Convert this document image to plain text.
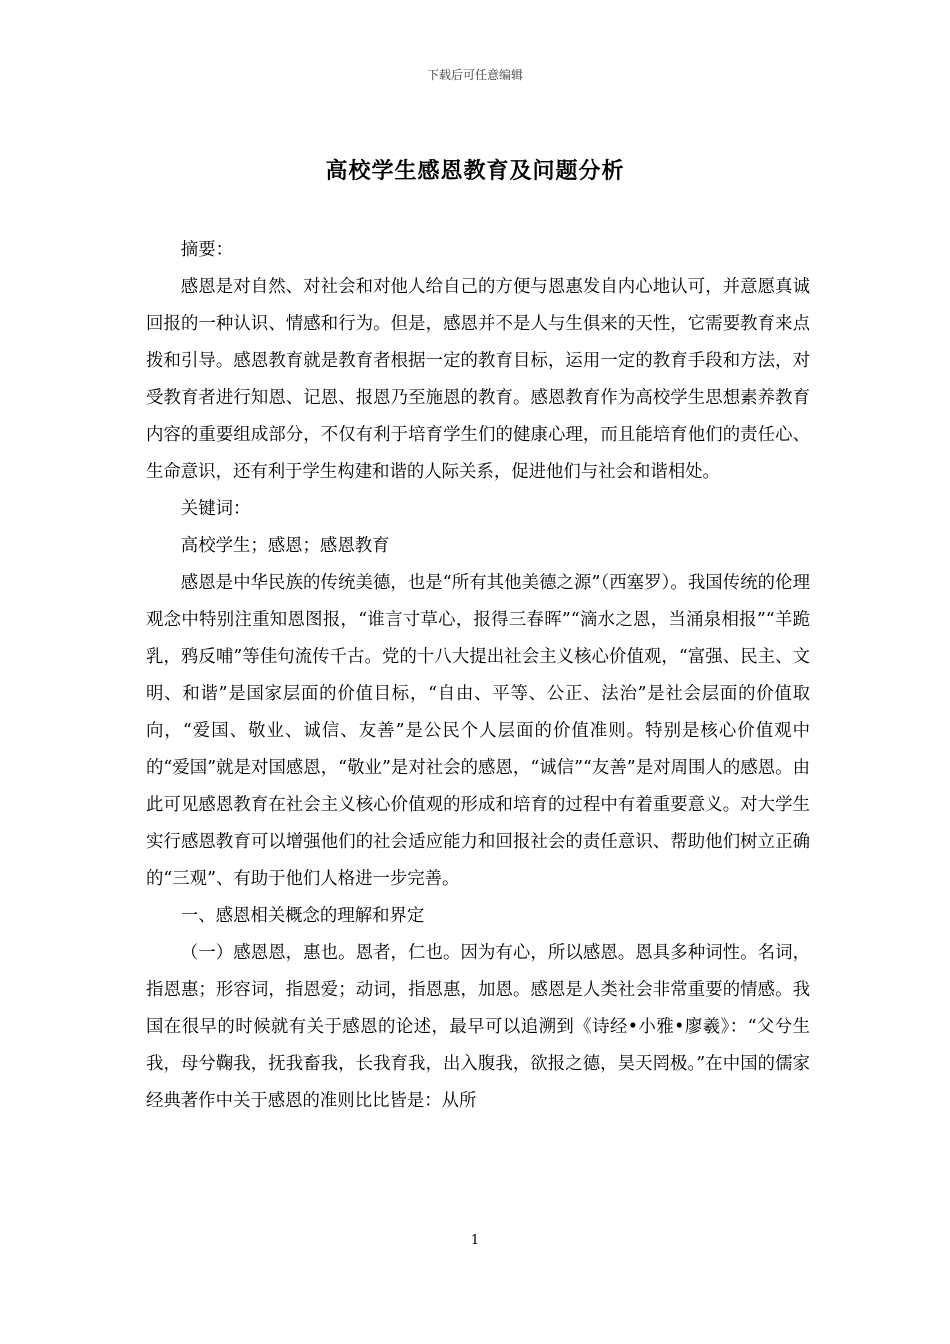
下载后可任意编辑
高校学生感恩教育及问题分析

摘要：

感恩是对自然、对社会和对他人给自己的方便与恩惠发自内心地认可，并意愿真诚回报的一种认识、情感和行为。但是，感恩并不是人与生俱来的天性，它需要教育来点拨和引导。感恩教育就是教育者根据一定的教育目标，运用一定的教育手段和方法，对受教育者进行知恩、记恩、报恩乃至施恩的教育。感恩教育作为高校学生思想素养教育内容的重要组成部分，不仅有利于培育学生们的健康心理，而且能培育他们的责任心、生命意识，还有利于学生构建和谐的人际关系，促进他们与社会和谐相处。

关键词：

高校学生；感恩；感恩教育

感恩是中华民族的传统美德，也是“所有其他美德之源”（西塞罗）。我国传统的伦理观念中特别注重知恩图报，“谁言寸草心，报得三春晖”“滴水之恩，当涌泉相报”“羊跪乳，鸦反哺”等佳句流传千古。党的十八大提出社会主义核心价值观，“富强、民主、文明、和谐”是国家层面的价值目标，“自由、平等、公正、法治”是社会层面的价值取向，“爱国、敬业、诚信、友善”是公民个人层面的价值准则。特别是核心价值观中的“爱国”就是对国感恩，“敬业”是对社会的感恩，“诚信”“友善”是对周围人的感恩。由此可见感恩教育在社会主义核心价值观的形成和培育的过程中有着重要意义。对大学生实行感恩教育可以增强他们的社会适应能力和回报社会的责任意识、帮助他们树立正确的“三观”、有助于他们人格进一步完善。

一、感恩相关概念的理解和界定

（一）感恩恩，惠也。恩者，仁也。因为有心，所以感恩。恩具多种词性。名词，指恩惠；形容词，指恩爱；动词，指恩惠，加恩。感恩是人类社会非常重要的情感。我国在很早的时候就有关于感恩的论述，最早可以追溯到《诗经•小雅•廖羲》：“父兮生我，母兮鞠我，抚我畜我，长我育我，出入腹我，欲报之德，昊天罔极。”在中国的儒家经典著作中关于感恩的准则比比皆是：从所

1
